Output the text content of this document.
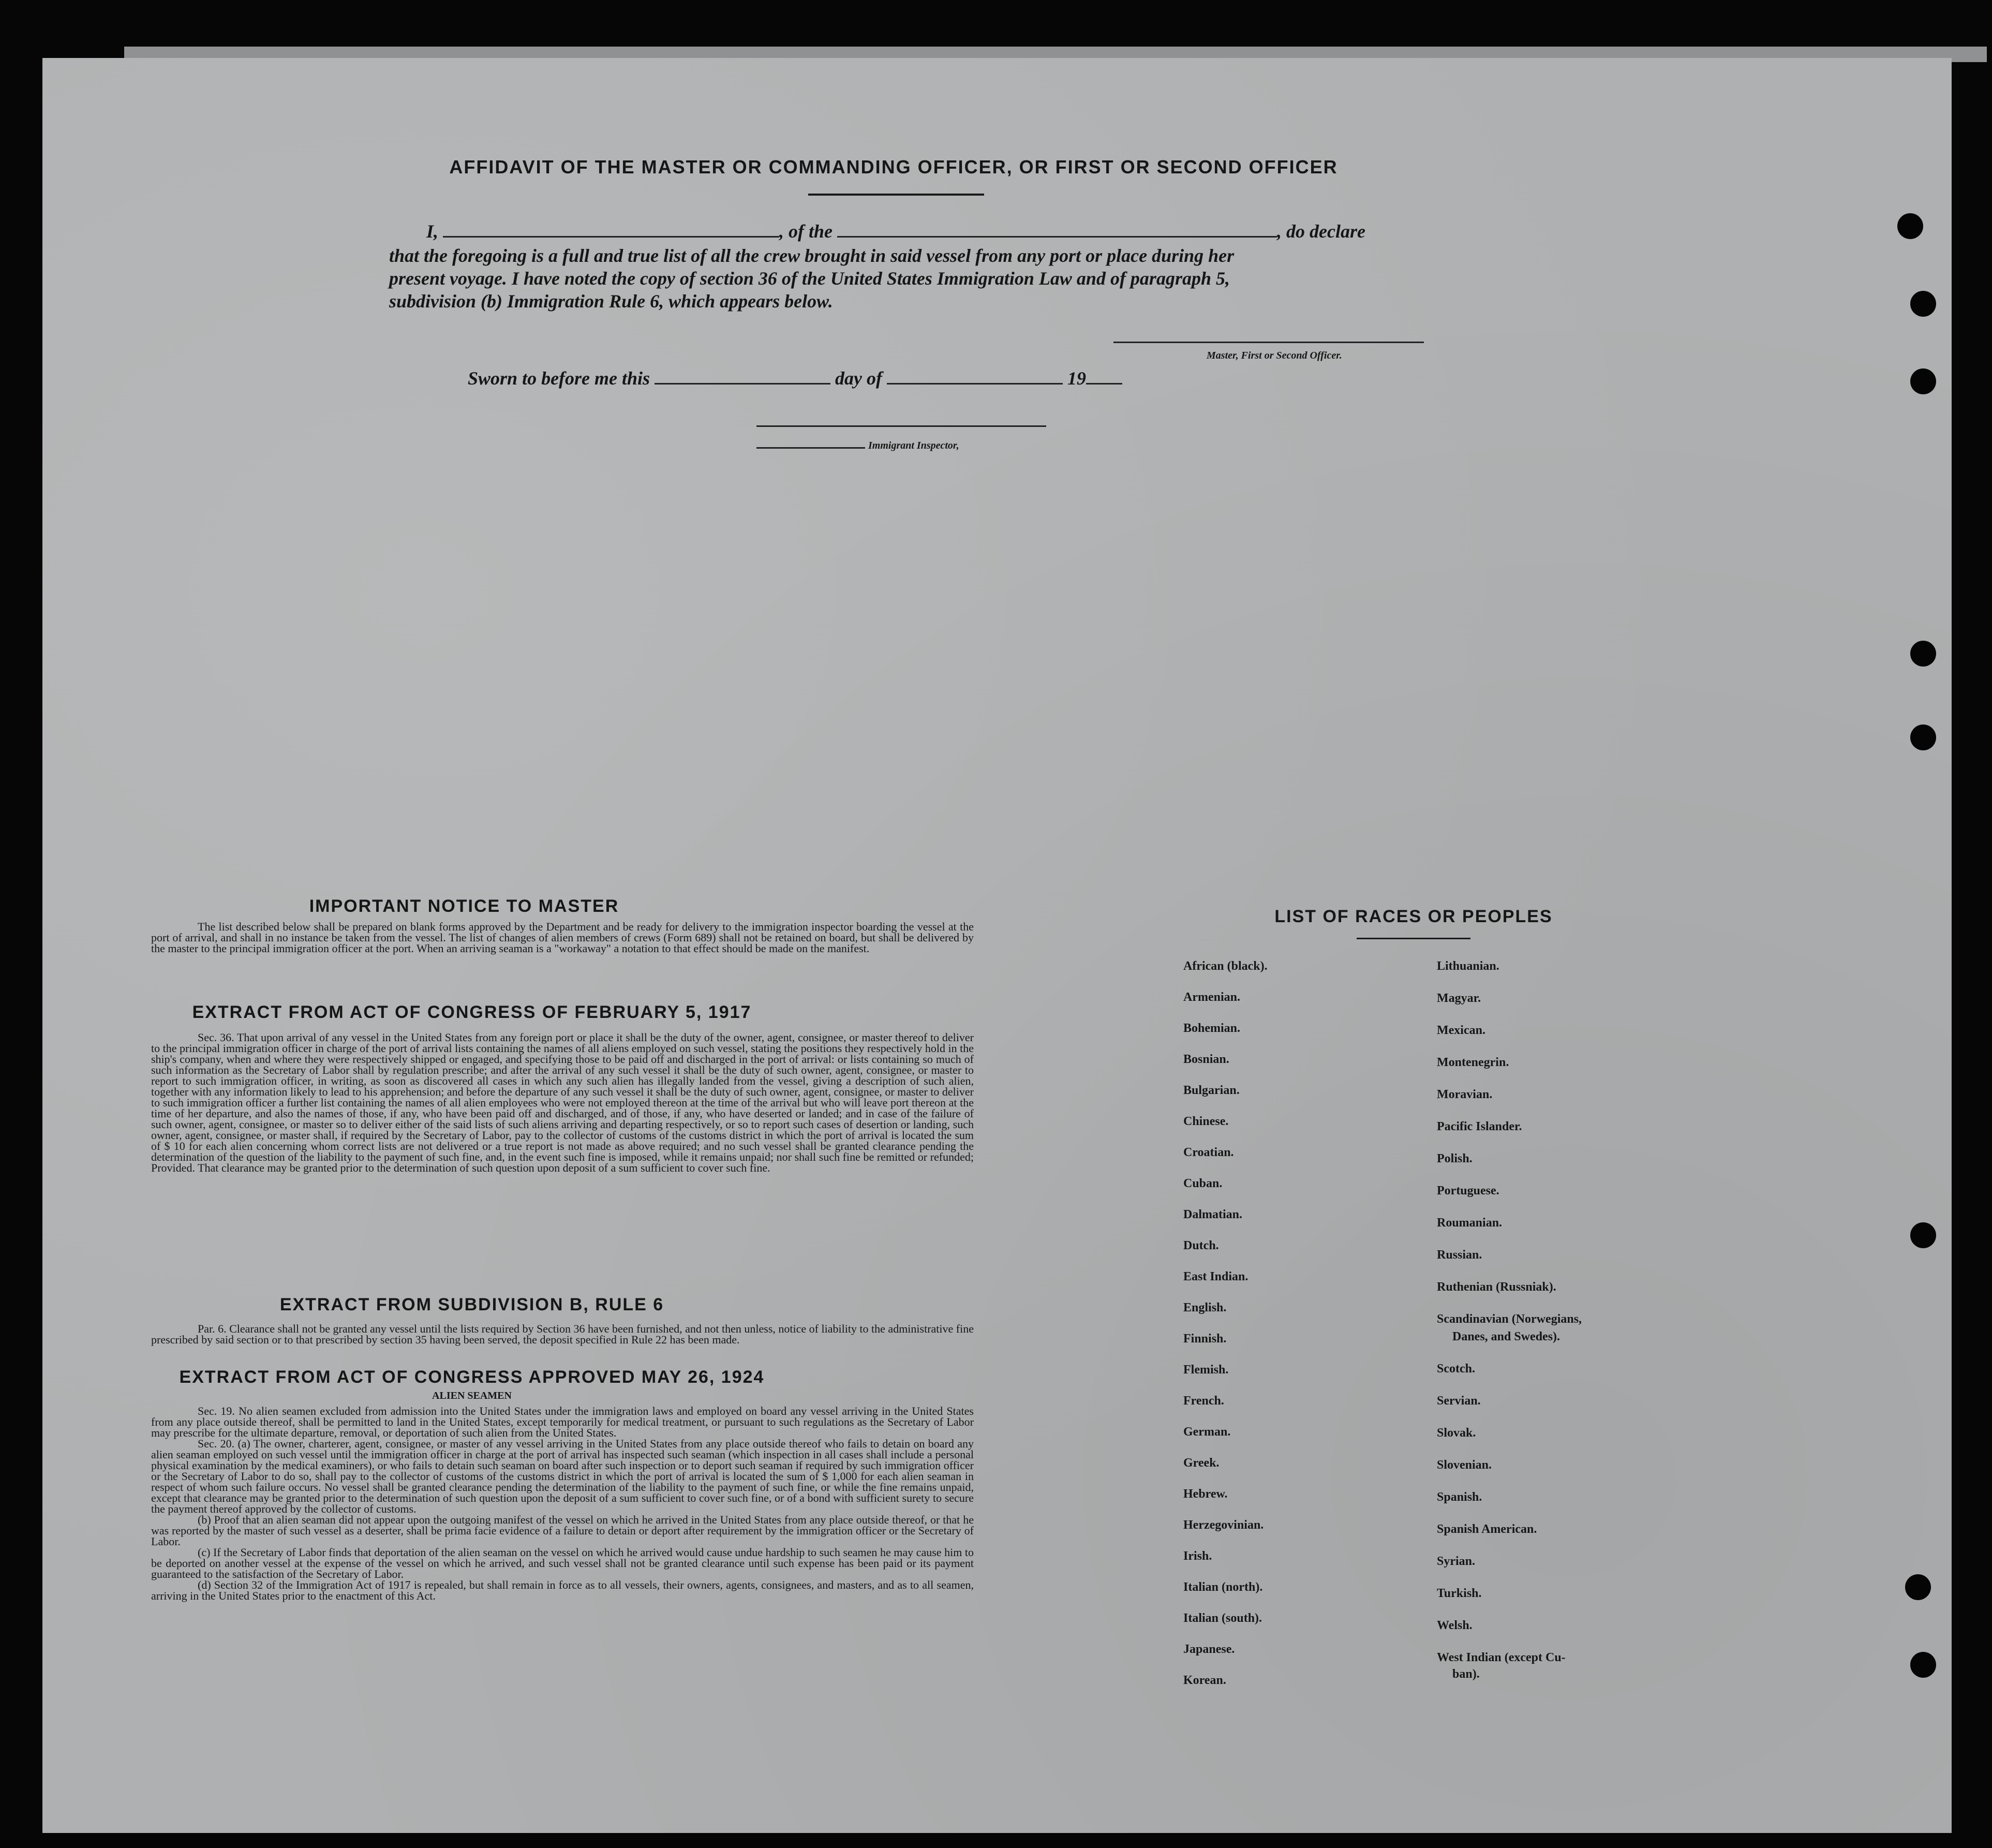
AFFIDAVIT OF THE MASTER OR COMMANDING OFFICER, OR FIRST OR SECOND OFFICER
I,	, of the	, do declare
that the foregoing is a full and true list of all the crew brought in said vessel from any port or place during her
present voyage. I have noted the copy of section 36 of the United States Immigration Law and of paragraph 5,
subdivision (b) Immigration Rule 6, which appears below.
Master, First or Second Officer.
Sworn to before me this	day of	19
Immigrant Inspector,
IMPORTANT NOTICE TO MASTER

The list described below shall be prepared on blank forms approved by the Department and be ready for delivery to the immigration inspector boarding the vessel at the port of arrival, and shall in no instance be taken from the vessel. The list of changes of alien members of crews (Form 689) shall not be retained on board, but shall be delivered by the master to the principal immigration officer at the port. When an arriving seaman is a "workaway" a notation to that effect should be made on the manifest.

EXTRACT FROM ACT OF CONGRESS OF FEBRUARY 5, 1917

Sec. 36. That upon arrival of any vessel in the United States from any foreign port or place it shall be the duty of the owner, agent, consignee, or master thereof to deliver to the principal immigration officer in charge of the port of arrival lists containing the names of all aliens employed on such vessel, stating the positions they respectively hold in the ship's company, when and where they were respectively shipped or engaged, and specifying those to be paid off and discharged in the port of arrival: or lists containing so much of such information as the Secretary of Labor shall by regulation prescribe; and after the arrival of any such vessel it shall be the duty of such owner, agent, consignee, or master to report to such immigration officer, in writing, as soon as discovered all cases in which any such alien has illegally landed from the vessel, giving a description of such alien, together with any information likely to lead to his apprehension; and before the departure of any such vessel it shall be the duty of such owner, agent, consignee, or master to deliver to such immigration officer a further list containing the names of all alien employees who were not employed thereon at the time of the arrival but who will leave port thereon at the time of her departure, and also the names of those, if any, who have been paid off and discharged, and of those, if any, who have deserted or landed; and in case of the failure of such owner, agent, consignee, or master so to deliver either of the said lists of such aliens arriving and departing respectively, or so to report such cases of desertion or landing, such owner, agent, consignee, or master shall, if required by the Secretary of Labor, pay to the collector of customs of the customs district in which the port of arrival is located the sum of $ 10 for each alien concerning whom correct lists are not delivered or a true report is not made as above required; and no such vessel shall be granted clearance pending the determination of the question of the liability to the payment of such fine, and, in the event such fine is imposed, while it remains unpaid; nor shall such fine be remitted or refunded; Provided. That clearance may be granted prior to the determination of such question upon deposit of a sum sufficient to cover such fine.

EXTRACT FROM SUBDIVISION B, RULE 6

Par. 6. Clearance shall not be granted any vessel until the lists required by Section 36 have been furnished, and not then unless, notice of liability to the administrative fine prescribed by said section or to that prescribed by section 35 having been served, the deposit specified in Rule 22 has been made.

EXTRACT FROM ACT OF CONGRESS APPROVED MAY 26, 1924
ALIEN SEAMEN

Sec. 19. No alien seamen excluded from admission into the United States under the immigration laws and employed on board any vessel arriving in the United States from any place outside thereof, shall be permitted to land in the United States, except temporarily for medical treatment, or pursuant to such regulations as the Secretary of Labor may prescribe for the ultimate departure, removal, or deportation of such alien from the United States.

Sec. 20. (a) The owner, charterer, agent, consignee, or master of any vessel arriving in the United States from any place outside thereof who fails to detain on board any alien seaman employed on such vessel until the immigration officer in charge at the port of arrival has inspected such seaman (which inspection in all cases shall include a personal physical examination by the medical examiners), or who fails to detain such seaman on board after such inspection or to deport such seaman if required by such immigration officer or the Secretary of Labor to do so, shall pay to the collector of customs of the customs district in which the port of arrival is located the sum of $ 1,000 for each alien seaman in respect of whom such failure occurs. No vessel shall be granted clearance pending the determination of the liability to the payment of such fine, or while the fine remains unpaid, except that clearance may be granted prior to the determination of such question upon the deposit of a sum sufficient to cover such fine, or of a bond with sufficient surety to secure the payment thereof approved by the collector of customs.

(b) Proof that an alien seaman did not appear upon the outgoing manifest of the vessel on which he arrived in the United States from any place outside thereof, or that he was reported by the master of such vessel as a deserter, shall be prima facie evidence of a failure to detain or deport after requirement by the immigration officer or the Secretary of Labor.

(c) If the Secretary of Labor finds that deportation of the alien seaman on the vessel on which he arrived would cause undue hardship to such seamen he may cause him to be deported on another vessel at the expense of the vessel on which he arrived, and such vessel shall not be granted clearance until such expense has been paid or its payment guaranteed to the satisfaction of the Secretary of Labor.

(d) Section 32 of the Immigration Act of 1917 is repealed, but shall remain in force as to all vessels, their owners, agents, consignees, and masters, and as to all seamen, arriving in the United States prior to the enactment of this Act.

LIST OF RACES OR PEOPLES
African (black).
Armenian.
Bohemian.
Bosnian.
Bulgarian.
Chinese.
Croatian.
Cuban.
Dalmatian.
Dutch.
East Indian.
English.
Finnish.
Flemish.
French.
German.
Greek.
Hebrew.
Herzegovinian.
Irish.
Italian (north).
Italian (south).
Japanese.
Korean.
Lithuanian.
Magyar.
Mexican.
Montenegrin.
Moravian.
Pacific Islander.
Polish.
Portuguese.
Roumanian.
Russian.
Ruthenian (Russniak).
Scandinavian (Norwegians,
Danes, and Swedes).
Scotch.
Servian.
Slovak.
Slovenian.
Spanish.
Spanish American.
Syrian.
Turkish.
Welsh.
West Indian (except Cu-
ban).
